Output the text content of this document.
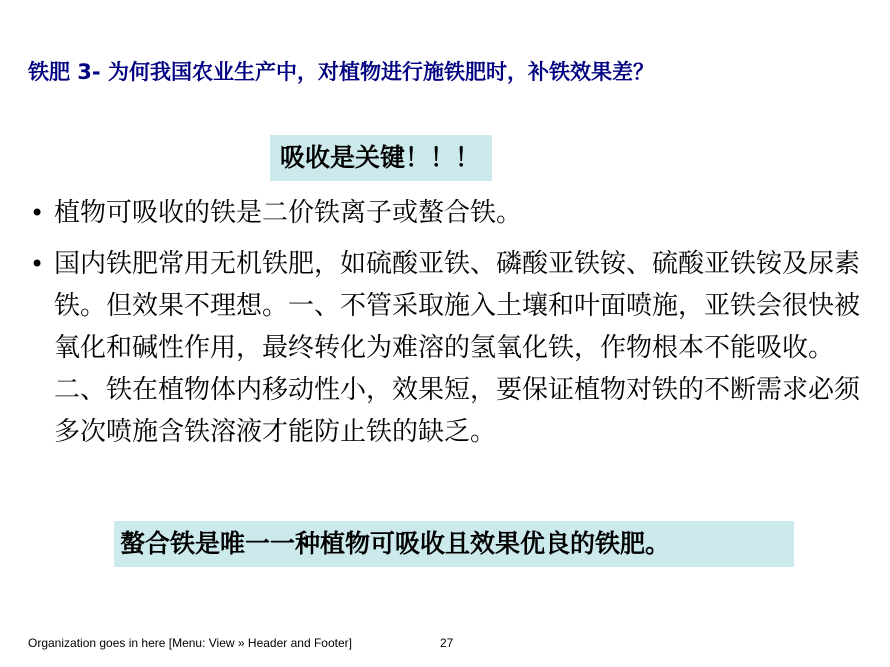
铁肥 3- 为何我国农业生产中，对植物进行施铁肥时，补铁效果差？
吸收是关键！！！
• 植物可吸收的铁是二价铁离子或螯合铁。
• 国内铁肥常用无机铁肥，如硫酸亚铁、磷酸亚铁铵、硫酸亚铁铵及尿素铁。但效果不理想。一、不管采取施入土壤和叶面喷施，亚铁会很快被氧化和碱性作用，最终转化为难溶的氢氧化铁，作物根本不能吸收。二、铁在植物体内移动性小，效果短，要保证植物对铁的不断需求必须多次喷施含铁溶液才能防止铁的缺乏。
螯合铁是唯一一种植物可吸收且效果优良的铁肥。
Organization goes in here [Menu: View » Header and Footer]	27
